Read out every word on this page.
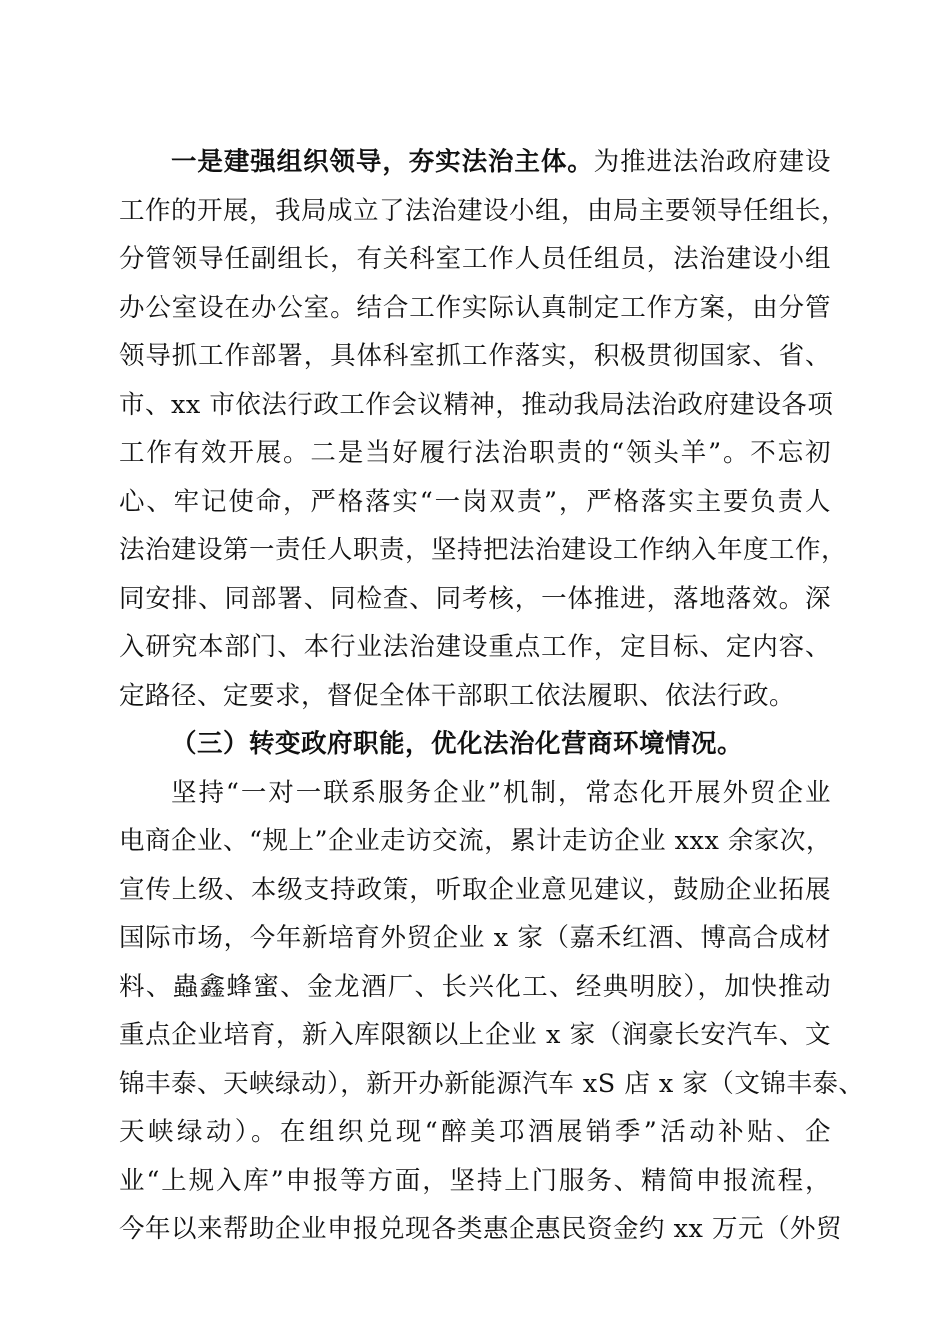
一是建强组织领导，夯实法治主体。为推进法治政府建设
工作的开展，我局成立了法治建设小组，由局主要领导任组长，
分管领导任副组长，有关科室工作人员任组员，法治建设小组
办公室设在办公室。结合工作实际认真制定工作方案，由分管
领导抓工作部署，具体科室抓工作落实，积极贯彻国家、省、
市、xx 市依法行政工作会议精神，推动我局法治政府建设各项
工作有效开展。二是当好履行法治职责的“领头羊”。不忘初
心、牢记使命，严格落实“一岗双责”，严格落实主要负责人
法治建设第一责任人职责，坚持把法治建设工作纳入年度工作，
同安排、同部署、同检查、同考核，一体推进，落地落效。深
入研究本部门、本行业法治建设重点工作，定目标、定内容、
定路径、定要求，督促全体干部职工依法履职、依法行政。
（三）转变政府职能，优化法治化营商环境情况。
坚持“一对一联系服务企业”机制，常态化开展外贸企业
电商企业、“规上”企业走访交流，累计走访企业 xxx 余家次，
宣传上级、本级支持政策，听取企业意见建议，鼓励企业拓展
国际市场，今年新培育外贸企业 x 家（嘉禾红酒、博高合成材
料、蟲鑫蜂蜜、金龙酒厂、长兴化工、经典明胶），加快推动
重点企业培育，新入库限额以上企业 x 家（润豪长安汽车、文
锦丰泰、天峡绿动），新开办新能源汽车 xS 店 x 家（文锦丰泰、
天峡绿动）。在组织兑现“醉美邛酒展销季”活动补贴、企
业“上规入库”申报等方面，坚持上门服务、精简申报流程，
今年以来帮助企业申报兑现各类惠企惠民资金约 xx 万元（外贸
